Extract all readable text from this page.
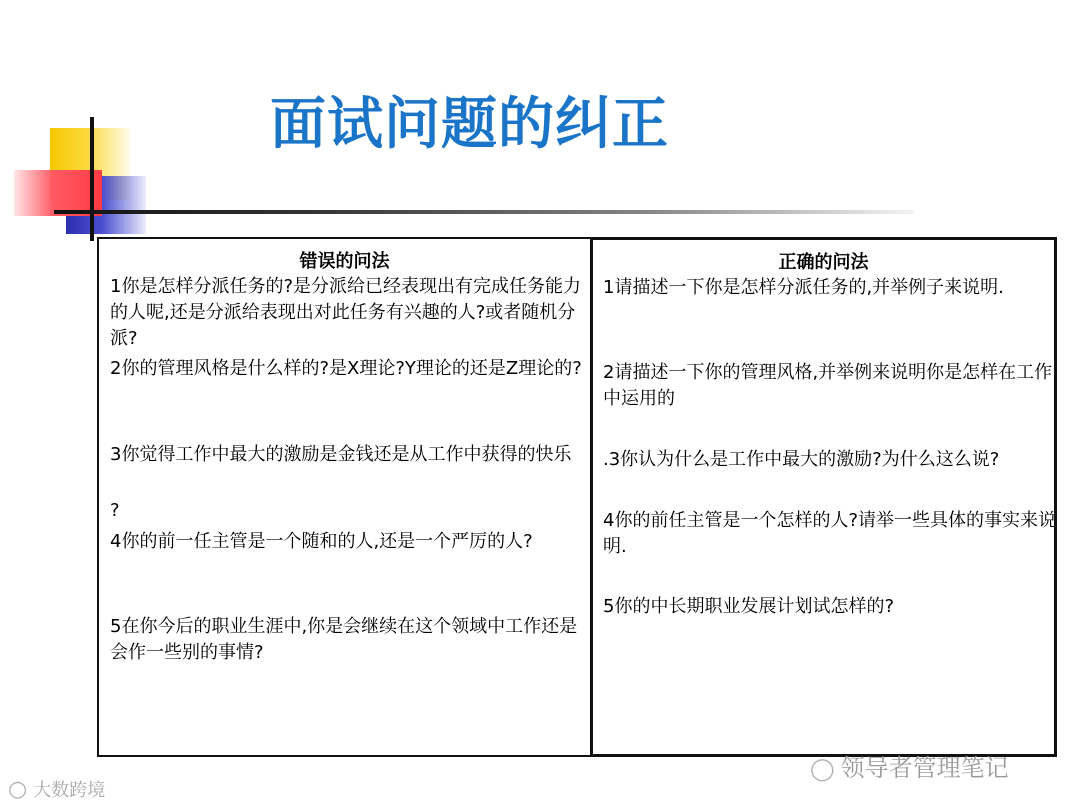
面试问题的纠正
错误的问法
1你是怎样分派任务的?是分派给已经表现出有完成任务能力的人呢,还是分派给表现出对此任务有兴趣的人?或者随机分派?
2你的管理风格是什么样的?是X理论?Y理论的还是Z理论的?
3你觉得工作中最大的激励是金钱还是从工作中获得的快乐
?
4你的前一任主管是一个随和的人,还是一个严厉的人?
5在你今后的职业生涯中,你是会继续在这个领域中工作还是会作一些别的事情?
正确的问法
1请描述一下你是怎样分派任务的,并举例子来说明.
2请描述一下你的管理风格,并举例来说明你是怎样在工作中运用的
.3你认为什么是工作中最大的激励?为什么这么说?
4你的前任主管是一个怎样的人?请举一些具体的事实来说明.
5你的中长期职业发展计划试怎样的?
◯ 领导者管理笔记
○ 大数跨境
